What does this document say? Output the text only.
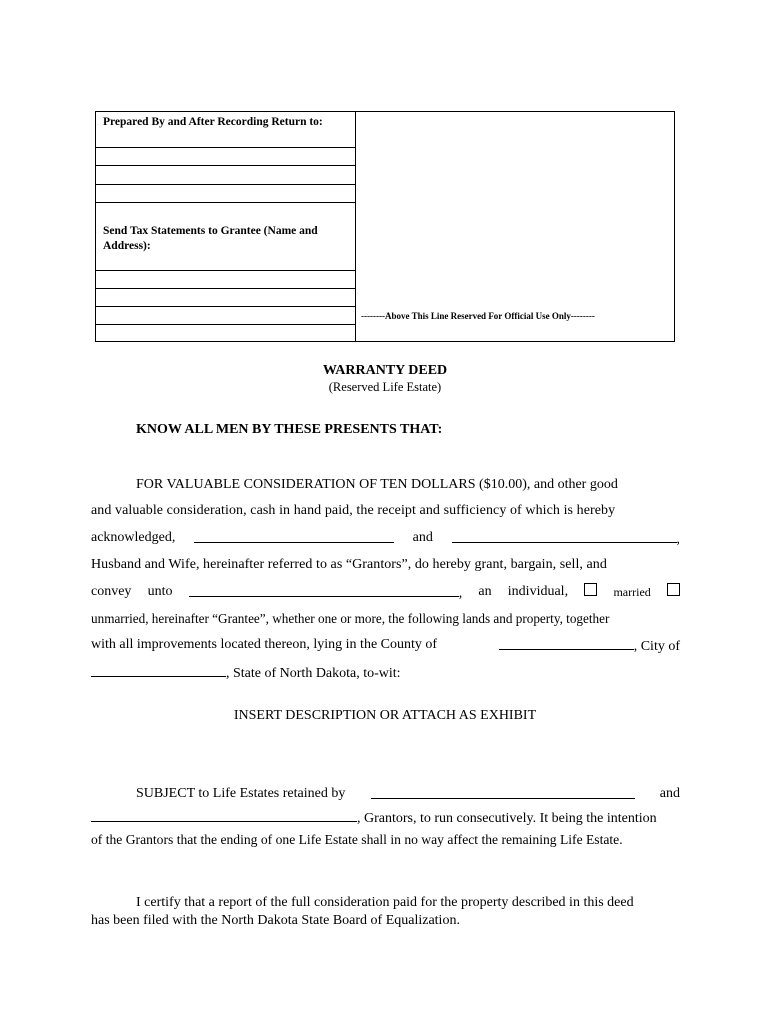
Prepared By and After Recording Return to:
Send Tax Statements to Grantee (Name and
Address):
--------Above This Line Reserved For Official Use Only--------
WARRANTY DEED
(Reserved Life Estate)
KNOW ALL MEN BY THESE PRESENTS THAT:
FOR VALUABLE CONSIDERATION OF TEN DOLLARS ($10.00), and other good
and valuable consideration, cash in hand paid, the receipt and sufficiency of which is hereby
acknowledged,	and	,
Husband and Wife, hereinafter referred to as “Grantors”, do hereby grant, bargain, sell, and
convey unto	, an individual,	married
unmarried, hereinafter “Grantee”, whether one or more, the following lands and property, together
with all improvements located thereon, lying in the County of	, City of
, State of North Dakota, to-wit:
INSERT DESCRIPTION OR ATTACH AS EXHIBIT
SUBJECT to Life Estates retained by	and
, Grantors, to run consecutively. It being the intention
of the Grantors that the ending of one Life Estate shall in no way affect the remaining Life Estate.
I certify that a report of the full consideration paid for the property described in this deed
has been filed with the North Dakota State Board of Equalization.
